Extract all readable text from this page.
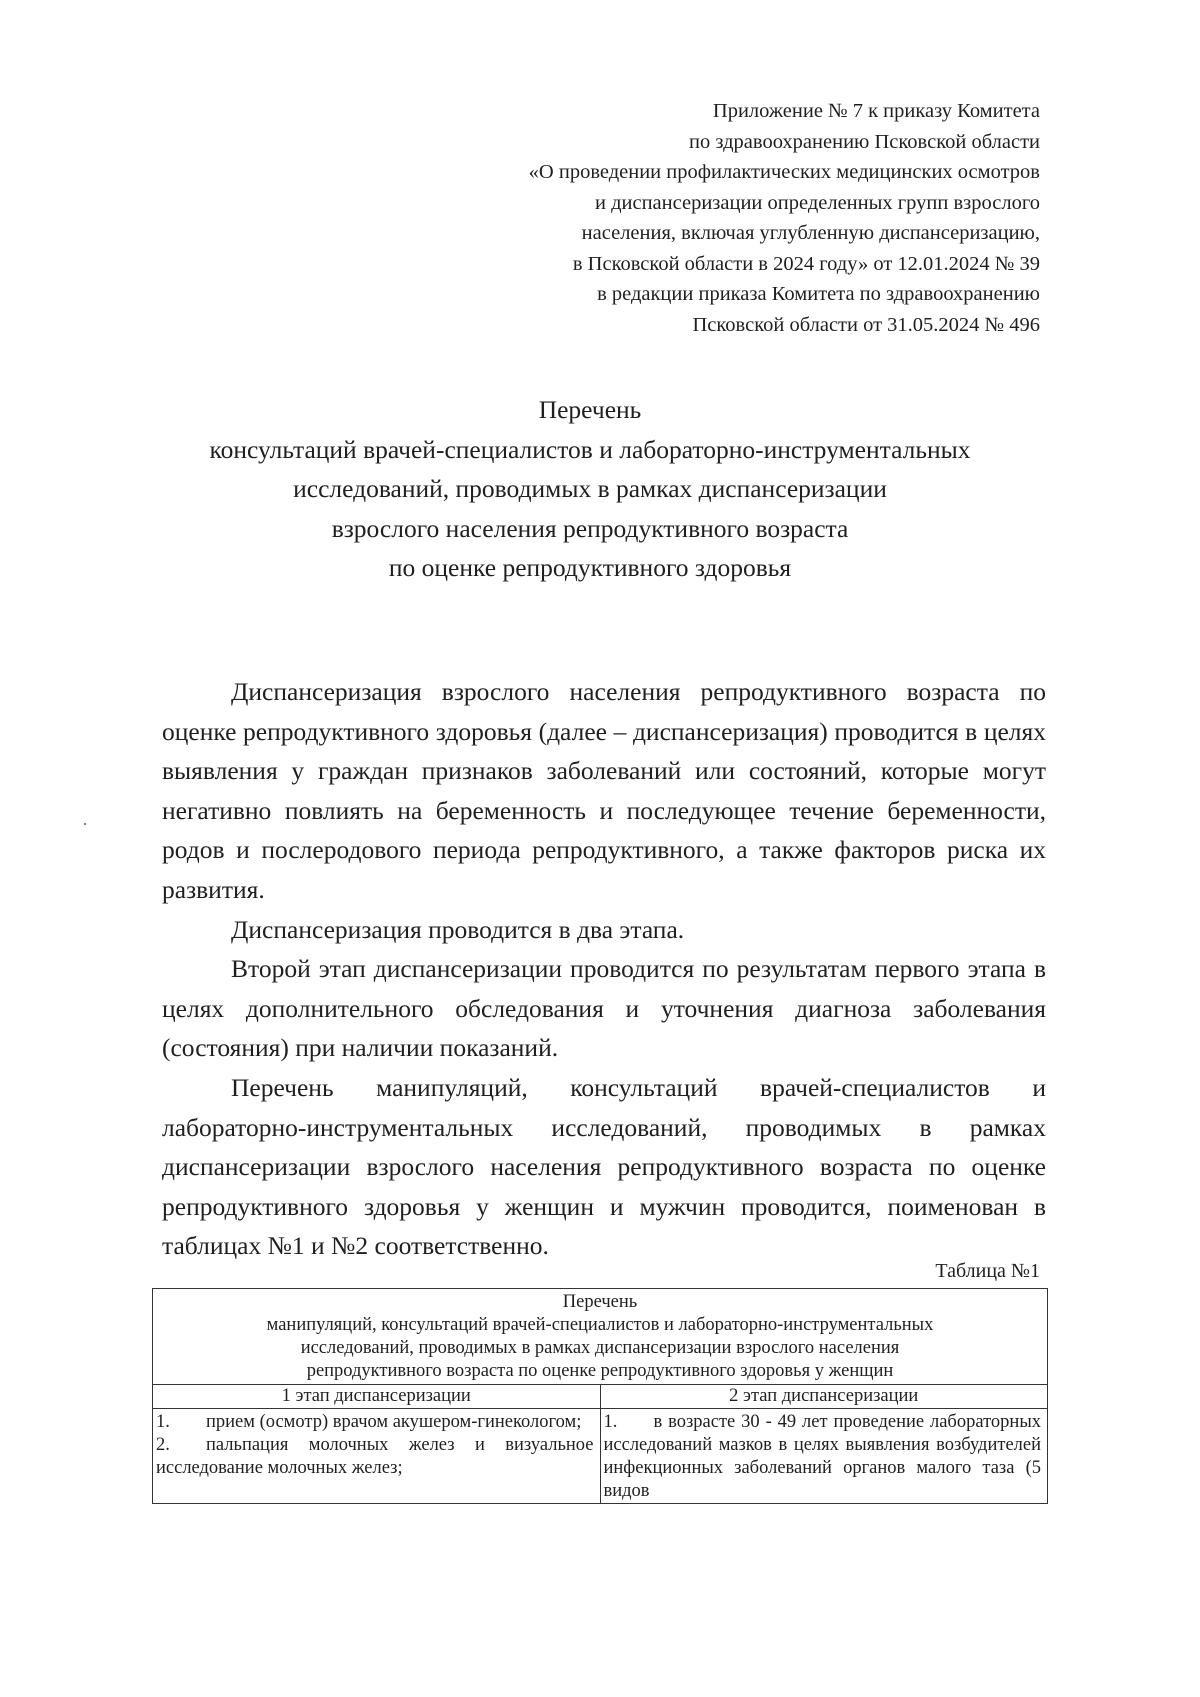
Приложение № 7 к приказу Комитета
по здравоохранению Псковской области
«О проведении профилактических медицинских осмотров
и диспансеризации определенных групп взрослого
населения, включая углубленную диспансеризацию,
в Псковской области в 2024 году» от 12.01.2024 № 39
в редакции приказа Комитета по здравоохранению
Псковской области от 31.05.2024 № 496
Перечень
консультаций врачей-специалистов и лабораторно-инструментальных
исследований, проводимых в рамках диспансеризации
взрослого населения репродуктивного возраста
по оценке репродуктивного здоровья

Диспансеризация взрослого населения репродуктивного возраста по оценке репродуктивного здоровья (далее – диспансеризация) проводится в целях выявления у граждан признаков заболеваний или состояний, которые могут негативно повлиять на беременность и последующее течение беременности, родов и послеродового периода репродуктивного, а также факторов риска их развития.

Диспансеризация проводится в два этапа.

Второй этап диспансеризации проводится по результатам первого этапа в целях дополнительного обследования и уточнения диагноза заболевания (состояния) при наличии показаний.

Перечень манипуляций, консультаций врачей-специалистов и лабораторно-инструментальных исследований, проводимых в рамках диспансеризации взрослого населения репродуктивного возраста по оценке репродуктивного здоровья у женщин и мужчин проводится, поименован в таблицах №1 и №2 соответственно.

Таблица №1
Перечень
манипуляций, консультаций врачей-специалистов и лабораторно-инструментальных
исследований, проводимых в рамках диспансеризации взрослого населения
репродуктивного возраста по оценке репродуктивного здоровья у женщин
1 этап диспансеризации	2 этап диспансеризации
1. прием (осмотр) врачом акушером-гинекологом;
2. пальпация молочных желез и визуальное исследование молочных желез;
1. в возрасте 30 - 49 лет проведение лабораторных исследований мазков в целях выявления возбудителей инфекционных заболеваний органов малого таза (5 видов
